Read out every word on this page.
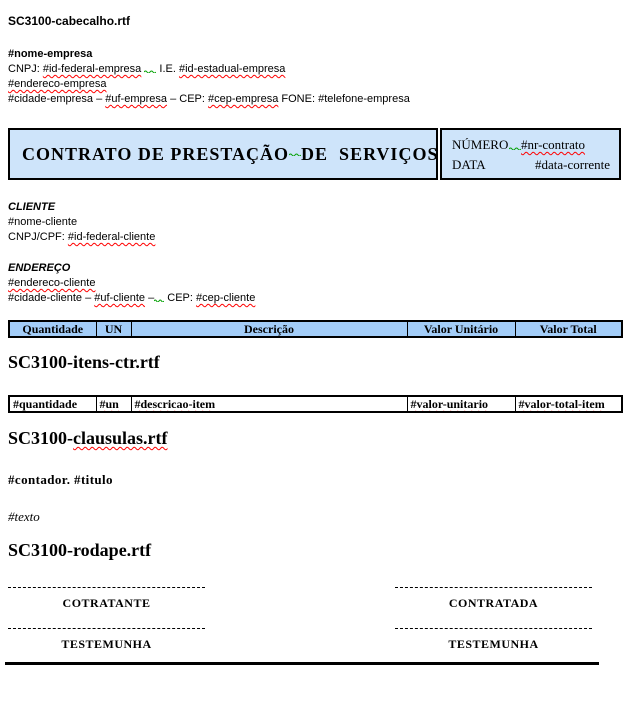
SC3100-cabecalho.rtf
#nome-empresa
CNPJ: #id-federal-empresa I.E. #id-estadual-empresa
#endereco-empresa
#cidade-empresa – #uf-empresa – CEP: #cep-empresa FONE: #telefone-empresa
CONTRATO DE PRESTAÇÃO DE  SERVIÇOS NÚMERO #nr-contrato
DATA	#data-corrente
CLIENTE
#nome-cliente
CNPJ/CPF: #id-federal-cliente
ENDEREÇO
#endereco-cliente
#cidade-cliente – #uf-cliente – CEP: #cep-cliente
Quantidade	UN	Descrição	Valor Unitário	Valor Total
SC3100-itens-ctr.rtf
#quantidade	#un	#descricao-item	#valor-unitario	#valor-total-item
SC3100-clausulas.rtf
#contador. #titulo
#texto
SC3100-rodape.rtf
COTRATANTE	CONTRATADA
TESTEMUNHA	TESTEMUNHA
